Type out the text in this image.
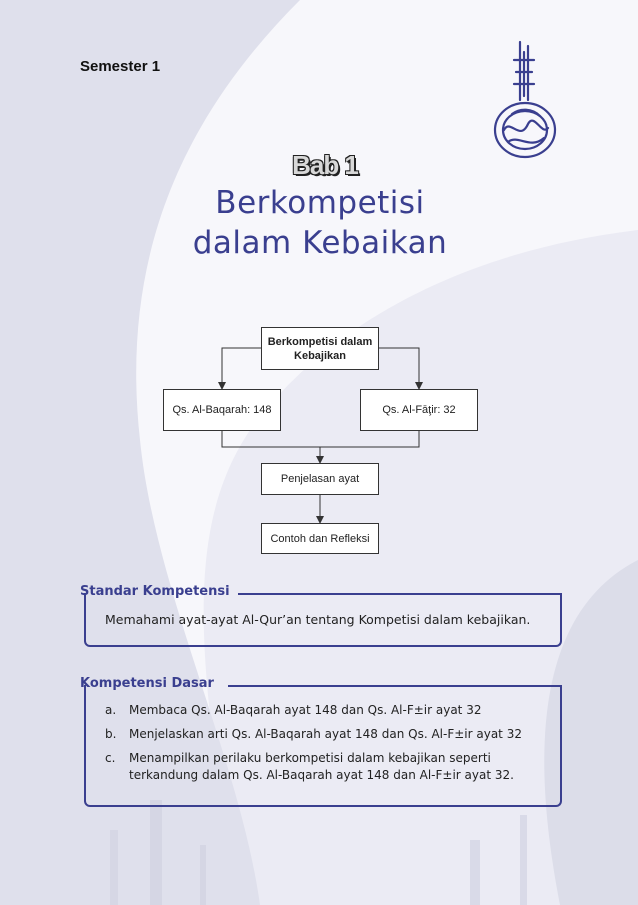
Semester 1
Bab 1
Berkompetisi
dalam Kebaikan
Berkompetisi dalam Kebajikan
Qs. Al-Baqarah: 148	Qs. Al-Fāţir: 32
Penjelasan ayat
Contoh dan Refleksi
Standar Kompetensi
Memahami ayat-ayat Al-Qur’an tentang Kompetisi dalam kebajikan.
Kompetensi Dasar
a. Membaca Qs. Al-Baqarah ayat 148 dan Qs. Al-F±ir ayat 32
b. Menjelaskan arti Qs. Al-Baqarah ayat 148 dan Qs. Al-F±ir ayat 32
c. Menampilkan perilaku berkompetisi dalam kebajikan seperti terkandung dalam Qs. Al-Baqarah ayat 148 dan Al-F±ir ayat 32.
